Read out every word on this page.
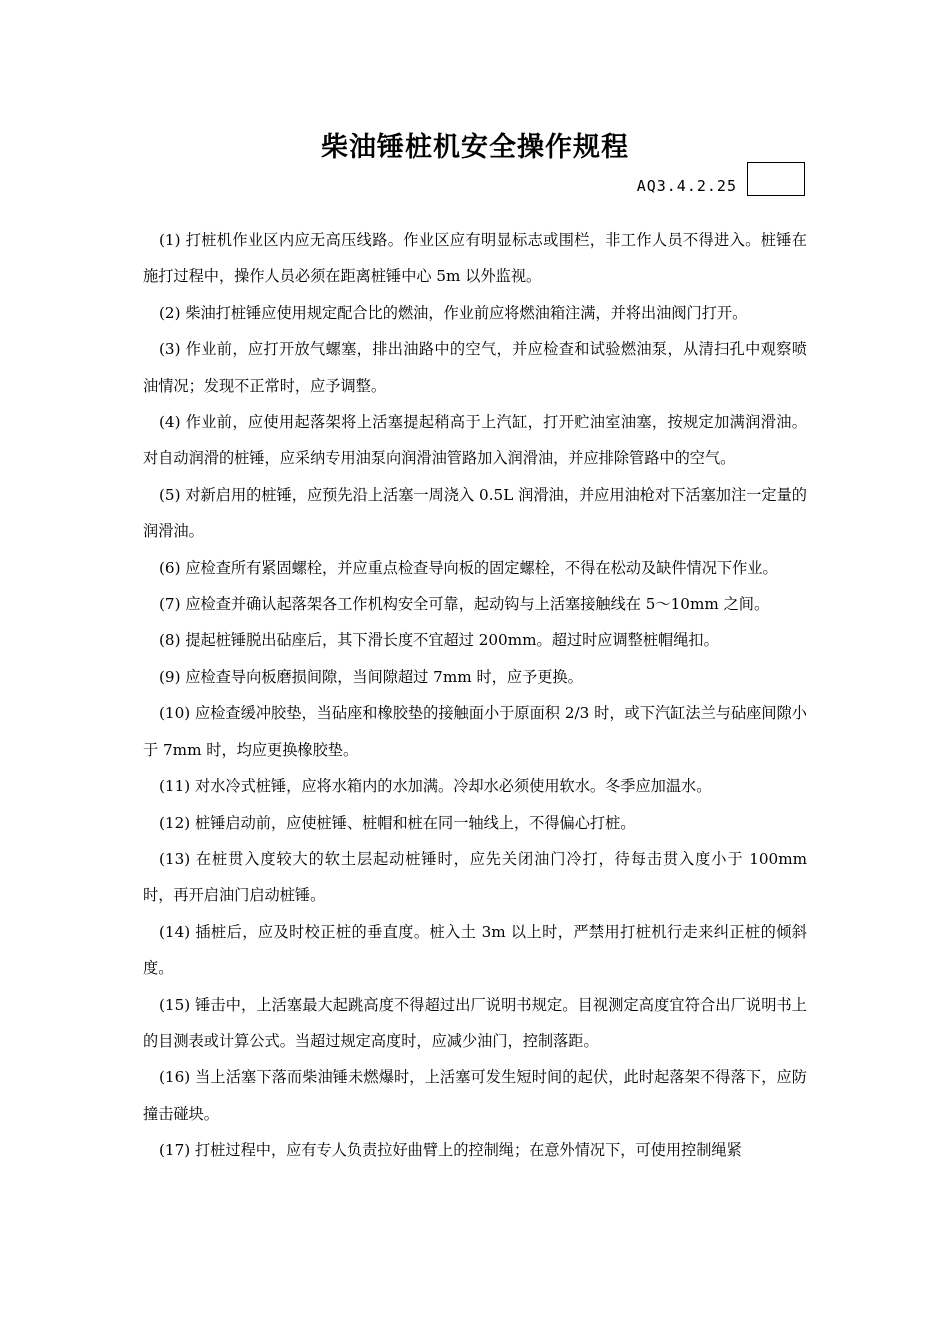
柴油锤桩机安全操作规程
AQ3.4.2.25

(1) 打桩机作业区内应无高压线路。作业区应有明显标志或围栏，非工作人员不得进入。桩锤在施打过程中，操作人员必须在距离桩锤中心 5m 以外监视。

(2) 柴油打桩锤应使用规定配合比的燃油，作业前应将燃油箱注满，并将出油阀门打开。

(3) 作业前，应打开放气螺塞，排出油路中的空气，并应检查和试验燃油泵，从清扫孔中观察喷油情况；发现不正常时，应予调整。

(4) 作业前，应使用起落架将上活塞提起稍高于上汽缸，打开贮油室油塞，按规定加满润滑油。对自动润滑的桩锤，应采纳专用油泵向润滑油管路加入润滑油，并应排除管路中的空气。

(5) 对新启用的桩锤，应预先沿上活塞一周浇入 0.5L 润滑油，并应用油枪对下活塞加注一定量的润滑油。

(6) 应检查所有紧固螺栓，并应重点检查导向板的固定螺栓，不得在松动及缺件情况下作业。

(7) 应检查并确认起落架各工作机构安全可靠，起动钩与上活塞接触线在 5～10mm 之间。

(8) 提起桩锤脱出砧座后，其下滑长度不宜超过 200mm。超过时应调整桩帽绳扣。

(9) 应检查导向板磨损间隙，当间隙超过 7mm 时，应予更换。

(10) 应检查缓冲胶垫，当砧座和橡胶垫的接触面小于原面积 2/3 时，或下汽缸法兰与砧座间隙小于 7mm 时，均应更换橡胶垫。

(11) 对水冷式桩锤，应将水箱内的水加满。冷却水必须使用软水。冬季应加温水。

(12) 桩锤启动前，应使桩锤、桩帽和桩在同一轴线上，不得偏心打桩。

(13) 在桩贯入度较大的软土层起动桩锤时，应先关闭油门冷打，待每击贯入度小于 100mm 时，再开启油门启动桩锤。

(14) 插桩后，应及时校正桩的垂直度。桩入土 3m 以上时，严禁用打桩机行走来纠正桩的倾斜度。

(15) 锤击中，上活塞最大起跳高度不得超过出厂说明书规定。目视测定高度宜符合出厂说明书上的目测表或计算公式。当超过规定高度时，应减少油门，控制落距。

(16) 当上活塞下落而柴油锤未燃爆时，上活塞可发生短时间的起伏，此时起落架不得落下，应防撞击碰块。

(17) 打桩过程中，应有专人负责拉好曲臂上的控制绳；在意外情况下，可使用控制绳紧
